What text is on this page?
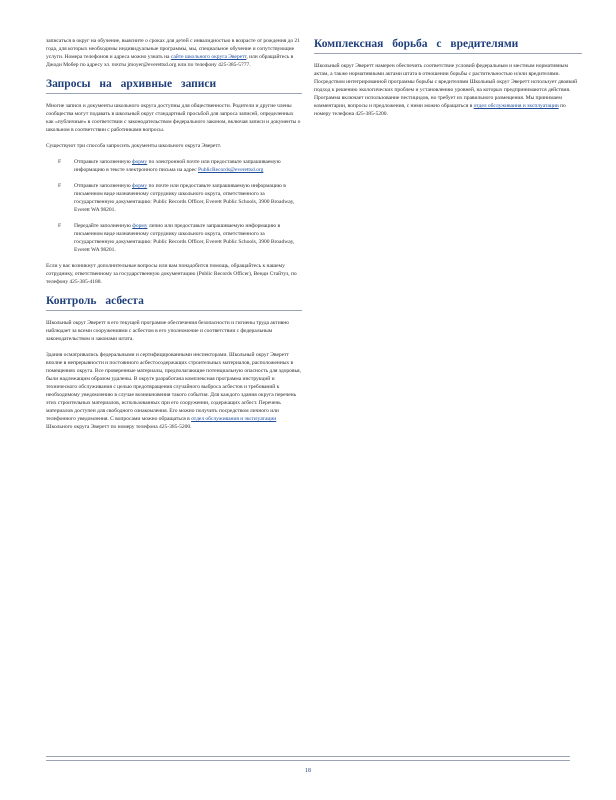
записаться в округ на обучение, выясните о сроках для детей с инвалидностью в возрасте от рождения до 21 года, для которых необходимы индивидуальные программы, мы, специальное обучение и сопутствующие услуги. Номера телефонов и адреса можно узнать на сайте школьного округа Эверетт, или обращайтесь в Джоди Мобер по адресу эл. почты jmoyer@everettsd.org или по телефону 425-385-5777.

Запросы на архивные записи

Многие записи и документы школьного округа доступны для общественности. Родители и другие члены сообщества могут подавать в школьный округ стандартный просьбой для запроса записей, определенных как «публичные» в соответствии с законодательством федерального законом, включая записи и документы о школьном в соответствии с работниками вопросы.

Существуют три способа запросить документы школьного округа Эверетт.

F Отправьте заполненную форму по электронной почте или предоставьте запрашиваемую информацию в тексте электронного письма на адрес PublicRecords@everettsd.org

F Отправьте заполненную форму по почте или предоставьте запрашиваемую информацию в письменном виде назначенному сотруднику школьного округа, ответственного за государственную документацию: Public Records Officer, Everett Public Schools, 3900 Broadway, Everett WA 98201.

F Передайте заполненную форму лично или предоставьте запрашиваемую информацию в письменном виде назначенному сотруднику школьного округа, ответственного за государственную документацию: Public Records Officer, Everett Public Schools, 3900 Broadway, Everett WA 98201.

Если у вас возникнут дополнительные вопросы или вам понадобится помощь, обращайтесь к нашему сотруднику, ответственному за государственную документацию (Public Records Officer), Венди Стайтуз, по телефону 425-385-4188.

Контроль асбеста

Школьный округ Эверетт в его текущей программе обеспечения безопасности и гигиены труда активно наблюдает за всеми сооружениями с асбестом в его уполномочие и соответствии с федеральным законодательством и законами штата.

Здания осматривались федеральными и сертифицированными инспекторами. Школьный округ Эверетт вполне в непрерывности и постоянного асбестосодержащих строительных материалов, расположенных в помещениях округа. Все проверенные материалы, предполагающие потенциальную опасность для здоровья, были надлежащим образом удалены. В округе разработана комплексная программа инструкций и технического обслуживания с целью предотвращения случайного выброса асбестов и требований к необходимому уведомлению в случае возникновения такого события. Для каждого здания округа перечень этих строительных материалов, использованных при его сооружении, содержащих асбест. Перечень материалов доступен для свободного ознакомления. Его можно получить посредством личного или телефонного уведомления. С вопросами можно обращаться в отдел обслуживания и эксплуатации Школьного округа Эверетт по номеру телефона 425-385-5200.

Комплексная борьба с вредителями

Школьный округ Эверетт намерен обеспечить соответствие условий федеральным и местным нормативным актам, а также нормативными актами штата в отношении борьбы с растительностью и/или вредителями. Посредством интегрированной программы борьбы с вредителями Школьный округ Эверетт использует двоякий подход к решению экологических проблем и установлению уровней, на которых предпринимаются действия. Программа включает использование пестицидов, но требует их правильного размещения. Мы принимаем комментарии, вопросы и предложения, с ними можно обращаться в отдел обслуживания и эксплуатации по номеру телефона 425-385-5200.

18
